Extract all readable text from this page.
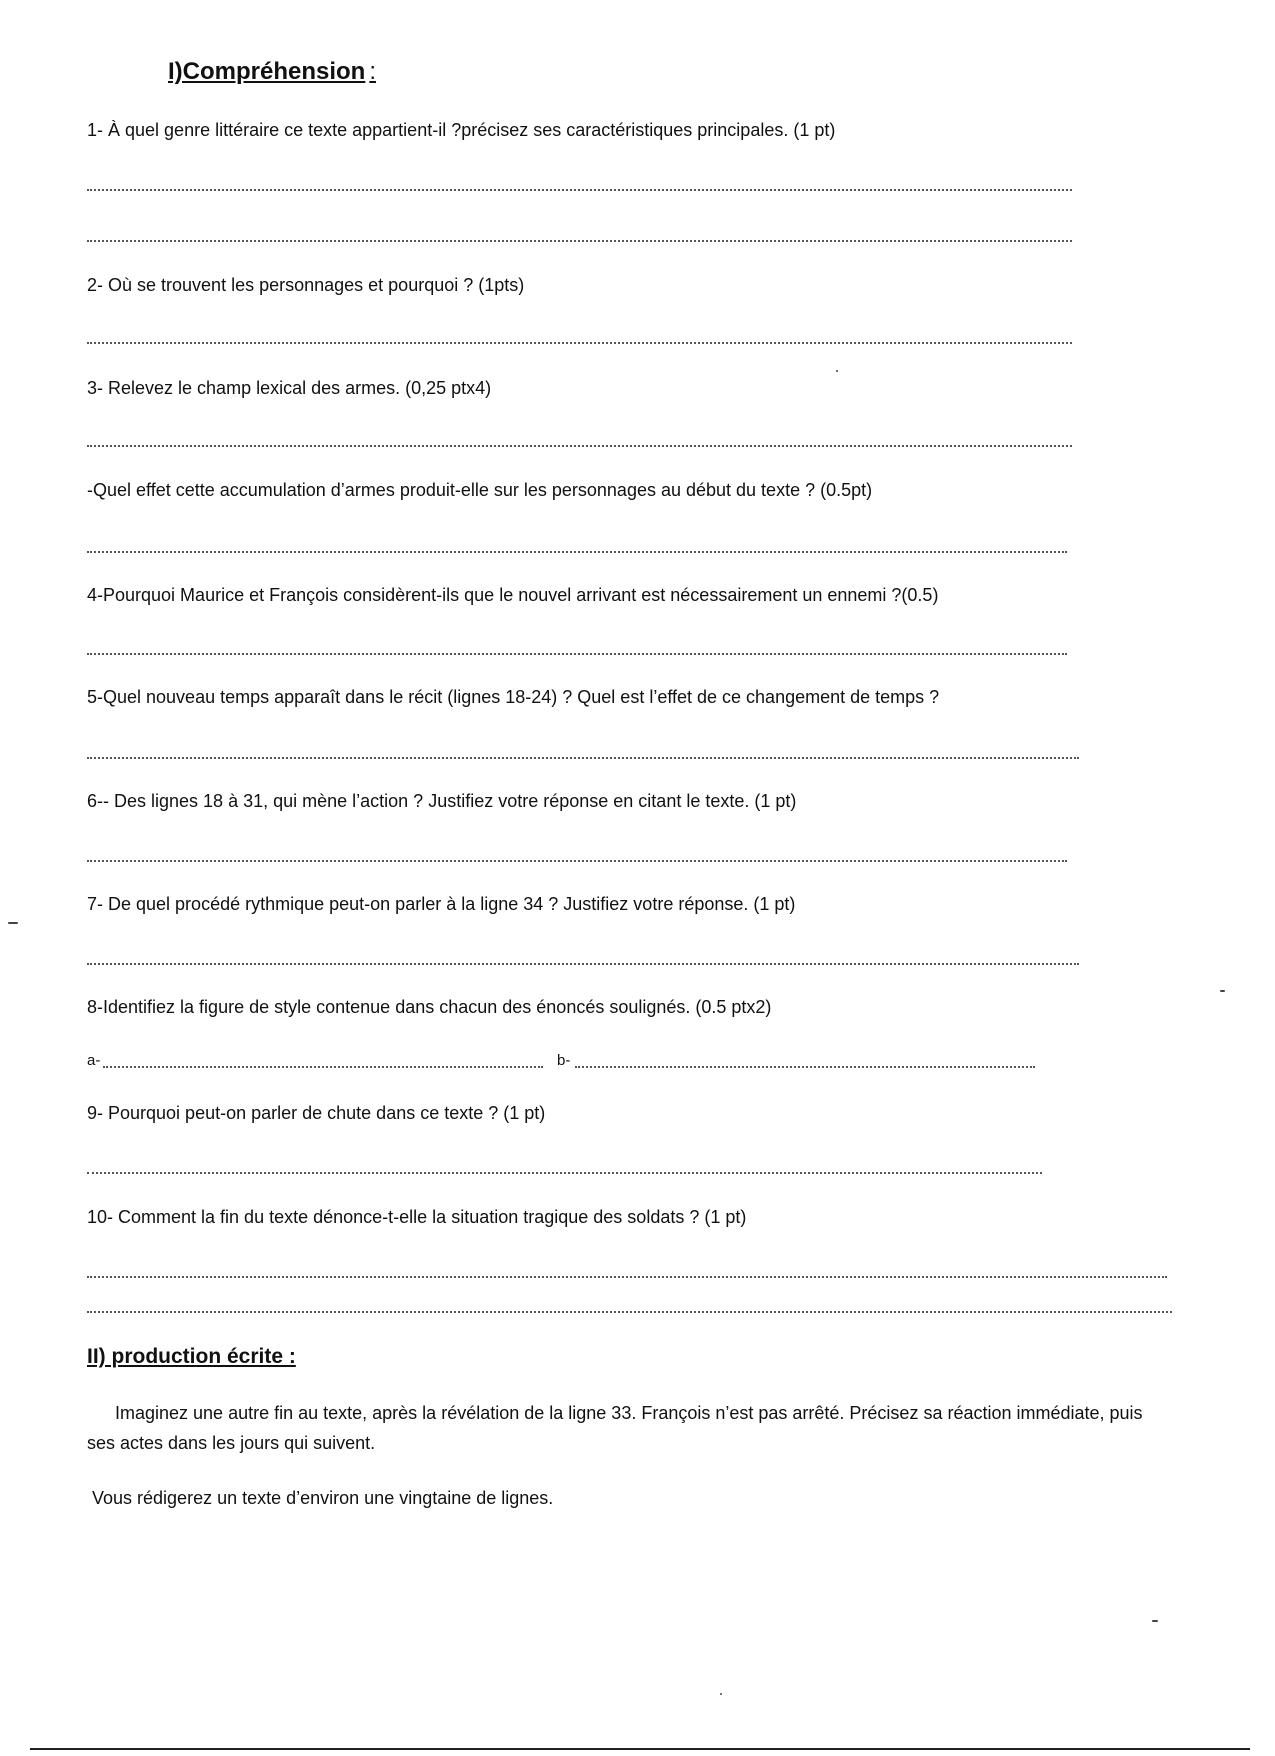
I)Compréhension :
1- À quel genre littéraire ce texte appartient-il ?précisez ses caractéristiques principales. (1 pt)
2- Où se trouvent les personnages et pourquoi ? (1pts)
3- Relevez le champ lexical des armes. (0,25 ptx4)
-Quel effet cette accumulation d’armes produit-elle sur les personnages au début du texte ? (0.5pt)
4-Pourquoi Maurice et François considèrent-ils que le nouvel arrivant est nécessairement un ennemi ?(0.5)
5-Quel nouveau temps apparaît dans le récit (lignes 18-24) ? Quel est l’effet de ce changement de temps ?
6-- Des lignes 18 à 31, qui mène l’action ? Justifiez votre réponse en citant le texte. (1 pt)
7- De quel procédé rythmique peut-on parler à la ligne 34 ? Justifiez votre réponse. (1 pt)
8-Identifiez la figure de style contenue dans chacun des énoncés soulignés. (0.5 ptx2)
a-	b-
9- Pourquoi peut-on parler de chute dans ce texte ? (1 pt)
10- Comment la fin du texte dénonce-t-elle la situation tragique des soldats ? (1 pt)
II) production écrite :
Imaginez une autre fin au texte, après la révélation de la ligne 33. François n’est pas arrêté. Précisez sa réaction immédiate, puis ses actes dans les jours qui suivent.
Vous rédigerez un texte d’environ une vingtaine de lignes.
